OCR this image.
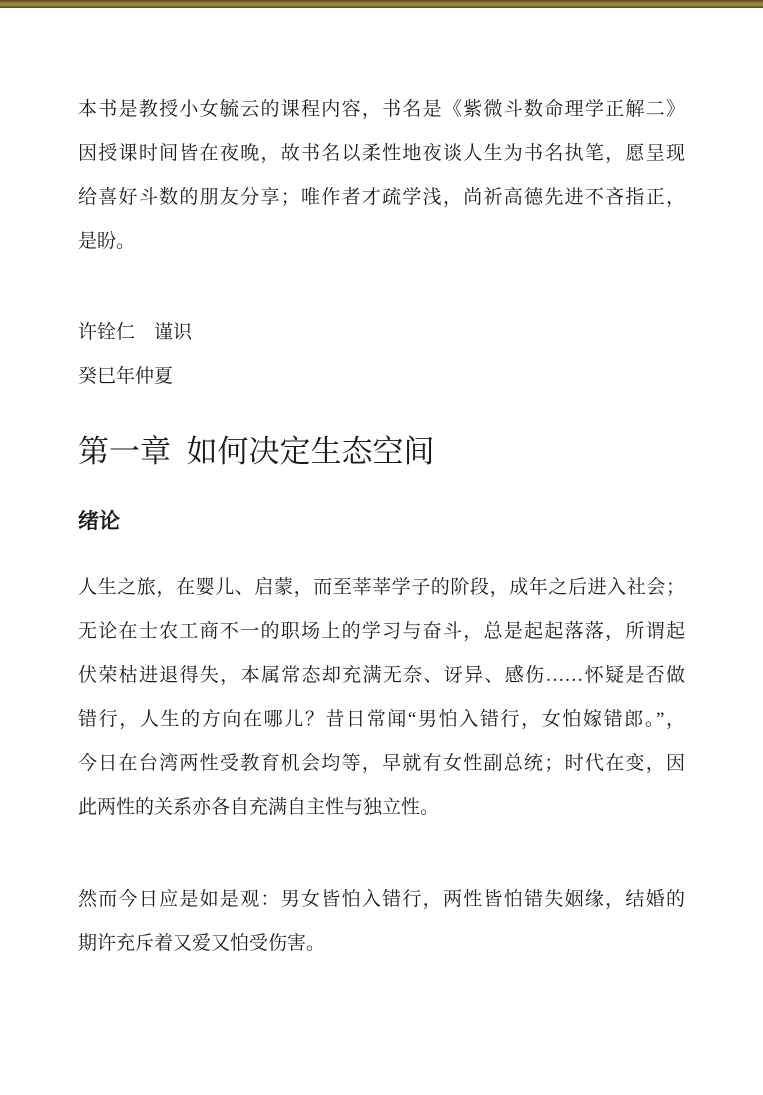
本书是教授小女毓云的课程内容，书名是《紫微斗数命理学正解二》
因授课时间皆在夜晚，故书名以柔性地夜谈人生为书名执笔，愿呈现
给喜好斗数的朋友分享；唯作者才疏学浅，尚祈高德先进不吝指正，
是盼。
许铨仁　谨识
癸巳年仲夏
第一章  如何决定生态空间
绪论
人生之旅，在婴儿、启蒙，而至莘莘学子的阶段，成年之后进入社会；
无论在士农工商不一的职场上的学习与奋斗，总是起起落落，所谓起
伏荣枯进退得失，本属常态却充满无奈、讶异、感伤……怀疑是否做
错行，人生的方向在哪儿？昔日常闻“男怕入错行，女怕嫁错郎。”，
今日在台湾两性受教育机会均等，早就有女性副总统；时代在变，因
此两性的关系亦各自充满自主性与独立性。
然而今日应是如是观：男女皆怕入错行，两性皆怕错失姻缘，结婚的
期许充斥着又爱又怕受伤害。
